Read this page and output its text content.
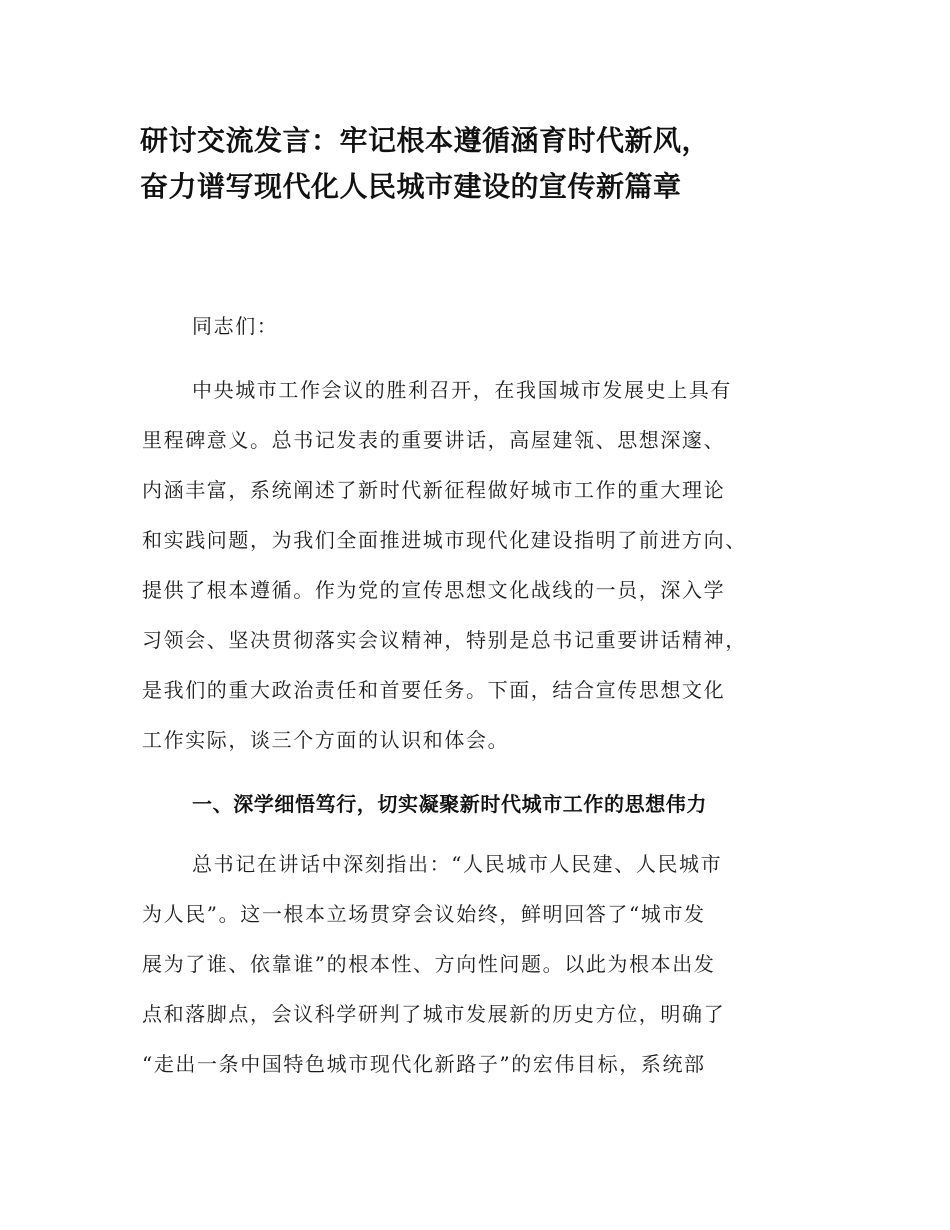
研讨交流发言：牢记根本遵循涵育时代新风，
奋力谱写现代化人民城市建设的宣传新篇章
中央城市工作会议的胜利召开，在我国城市发展史上具有
里程碑意义。总书记发表的重要讲话，高屋建瓴、思想深邃、
内涵丰富，系统阐述了新时代新征程做好城市工作的重大理论
和实践问题，为我们全面推进城市现代化建设指明了前进方向、
提供了根本遵循。作为党的宣传思想文化战线的一员，深入学
习领会、坚决贯彻落实会议精神，特别是总书记重要讲话精神，
是我们的重大政治责任和首要任务。下面，结合宣传思想文化
工作实际，谈三个方面的认识和体会。
一、深学细悟笃行，切实凝聚新时代城市工作的思想伟力
总书记在讲话中深刻指出：“人民城市人民建、人民城市
为人民”。这一根本立场贯穿会议始终，鲜明回答了“城市发
展为了谁、依靠谁”的根本性、方向性问题。以此为根本出发
点和落脚点，会议科学研判了城市发展新的历史方位，明确了
“走出一条中国特色城市现代化新路子”的宏伟目标，系统部
同志们：
